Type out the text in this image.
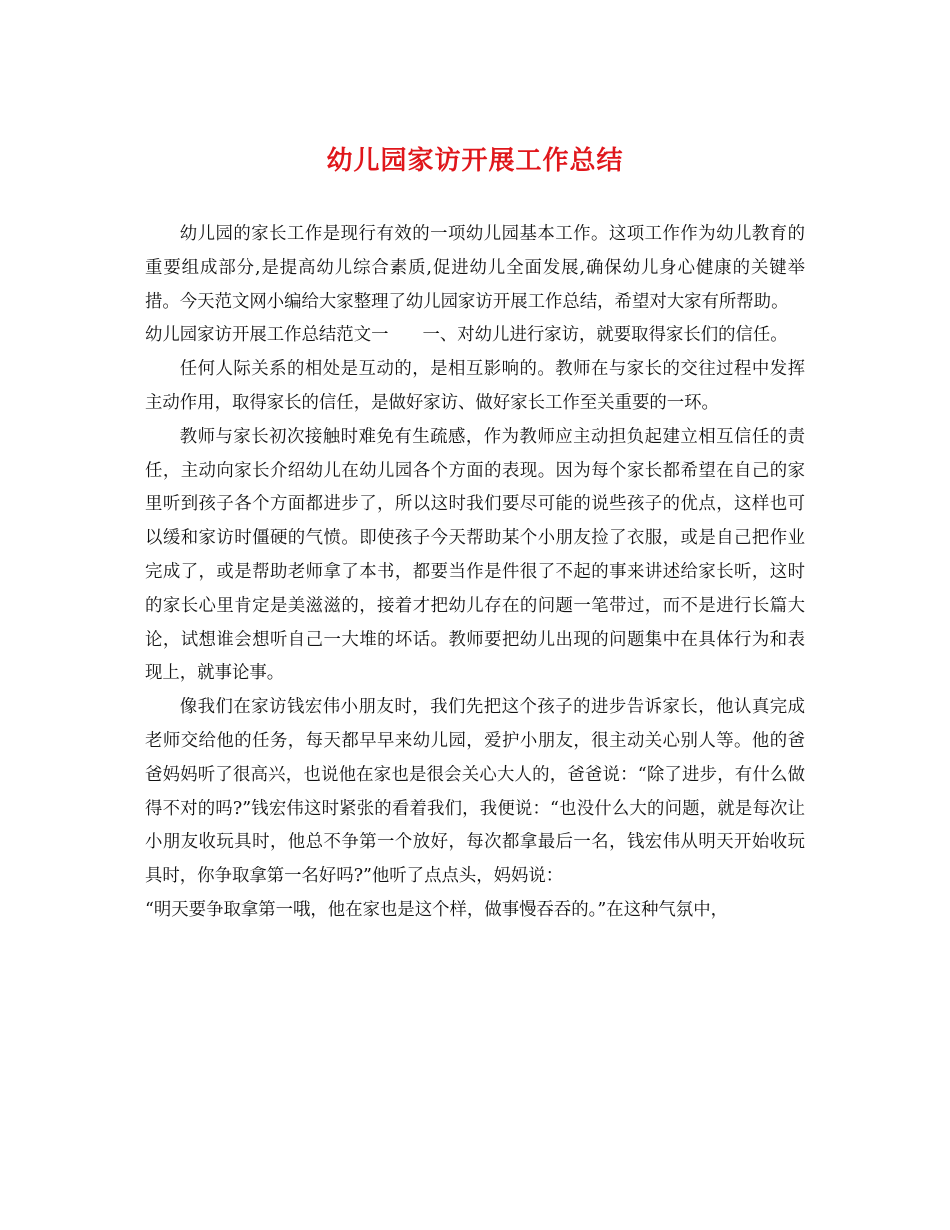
幼儿园家访开展工作总结

幼儿园的家长工作是现行有效的一项幼儿园基本工作。这项工作作为幼儿教育的重要组成部分,是提高幼儿综合素质,促进幼儿全面发展,确保幼儿身心健康的关键举措。今天范文网小编给大家整理了幼儿园家访开展工作总结，希望对大家有所帮助。

幼儿园家访开展工作总结范文一 一、对幼儿进行家访，就要取得家长们的信任。

任何人际关系的相处是互动的，是相互影响的。教师在与家长的交往过程中发挥主动作用，取得家长的信任，是做好家访、做好家长工作至关重要的一环。

教师与家长初次接触时难免有生疏感，作为教师应主动担负起建立相互信任的责任，主动向家长介绍幼儿在幼儿园各个方面的表现。因为每个家长都希望在自己的家里听到孩子各个方面都进步了，所以这时我们要尽可能的说些孩子的优点，这样也可以缓和家访时僵硬的气愤。即使孩子今天帮助某个小朋友捡了衣服，或是自己把作业完成了，或是帮助老师拿了本书，都要当作是件很了不起的事来讲述给家长听，这时的家长心里肯定是美滋滋的，接着才把幼儿存在的问题一笔带过，而不是进行长篇大论，试想谁会想听自己一大堆的坏话。教师要把幼儿出现的问题集中在具体行为和表现上，就事论事。

像我们在家访钱宏伟小朋友时，我们先把这个孩子的进步告诉家长，他认真完成老师交给他的任务，每天都早早来幼儿园，爱护小朋友，很主动关心别人等。他的爸爸妈妈听了很高兴，也说他在家也是很会关心大人的，爸爸说：“除了进步，有什么做得不对的吗?”钱宏伟这时紧张的看着我们，我便说：“也没什么大的问题，就是每次让小朋友收玩具时，他总不争第一个放好，每次都拿最后一名，钱宏伟从明天开始收玩具时，你争取拿第一名好吗?”他听了点点头，妈妈说：

“明天要争取拿第一哦，他在家也是这个样，做事慢吞吞的。”在这种气氛中，
